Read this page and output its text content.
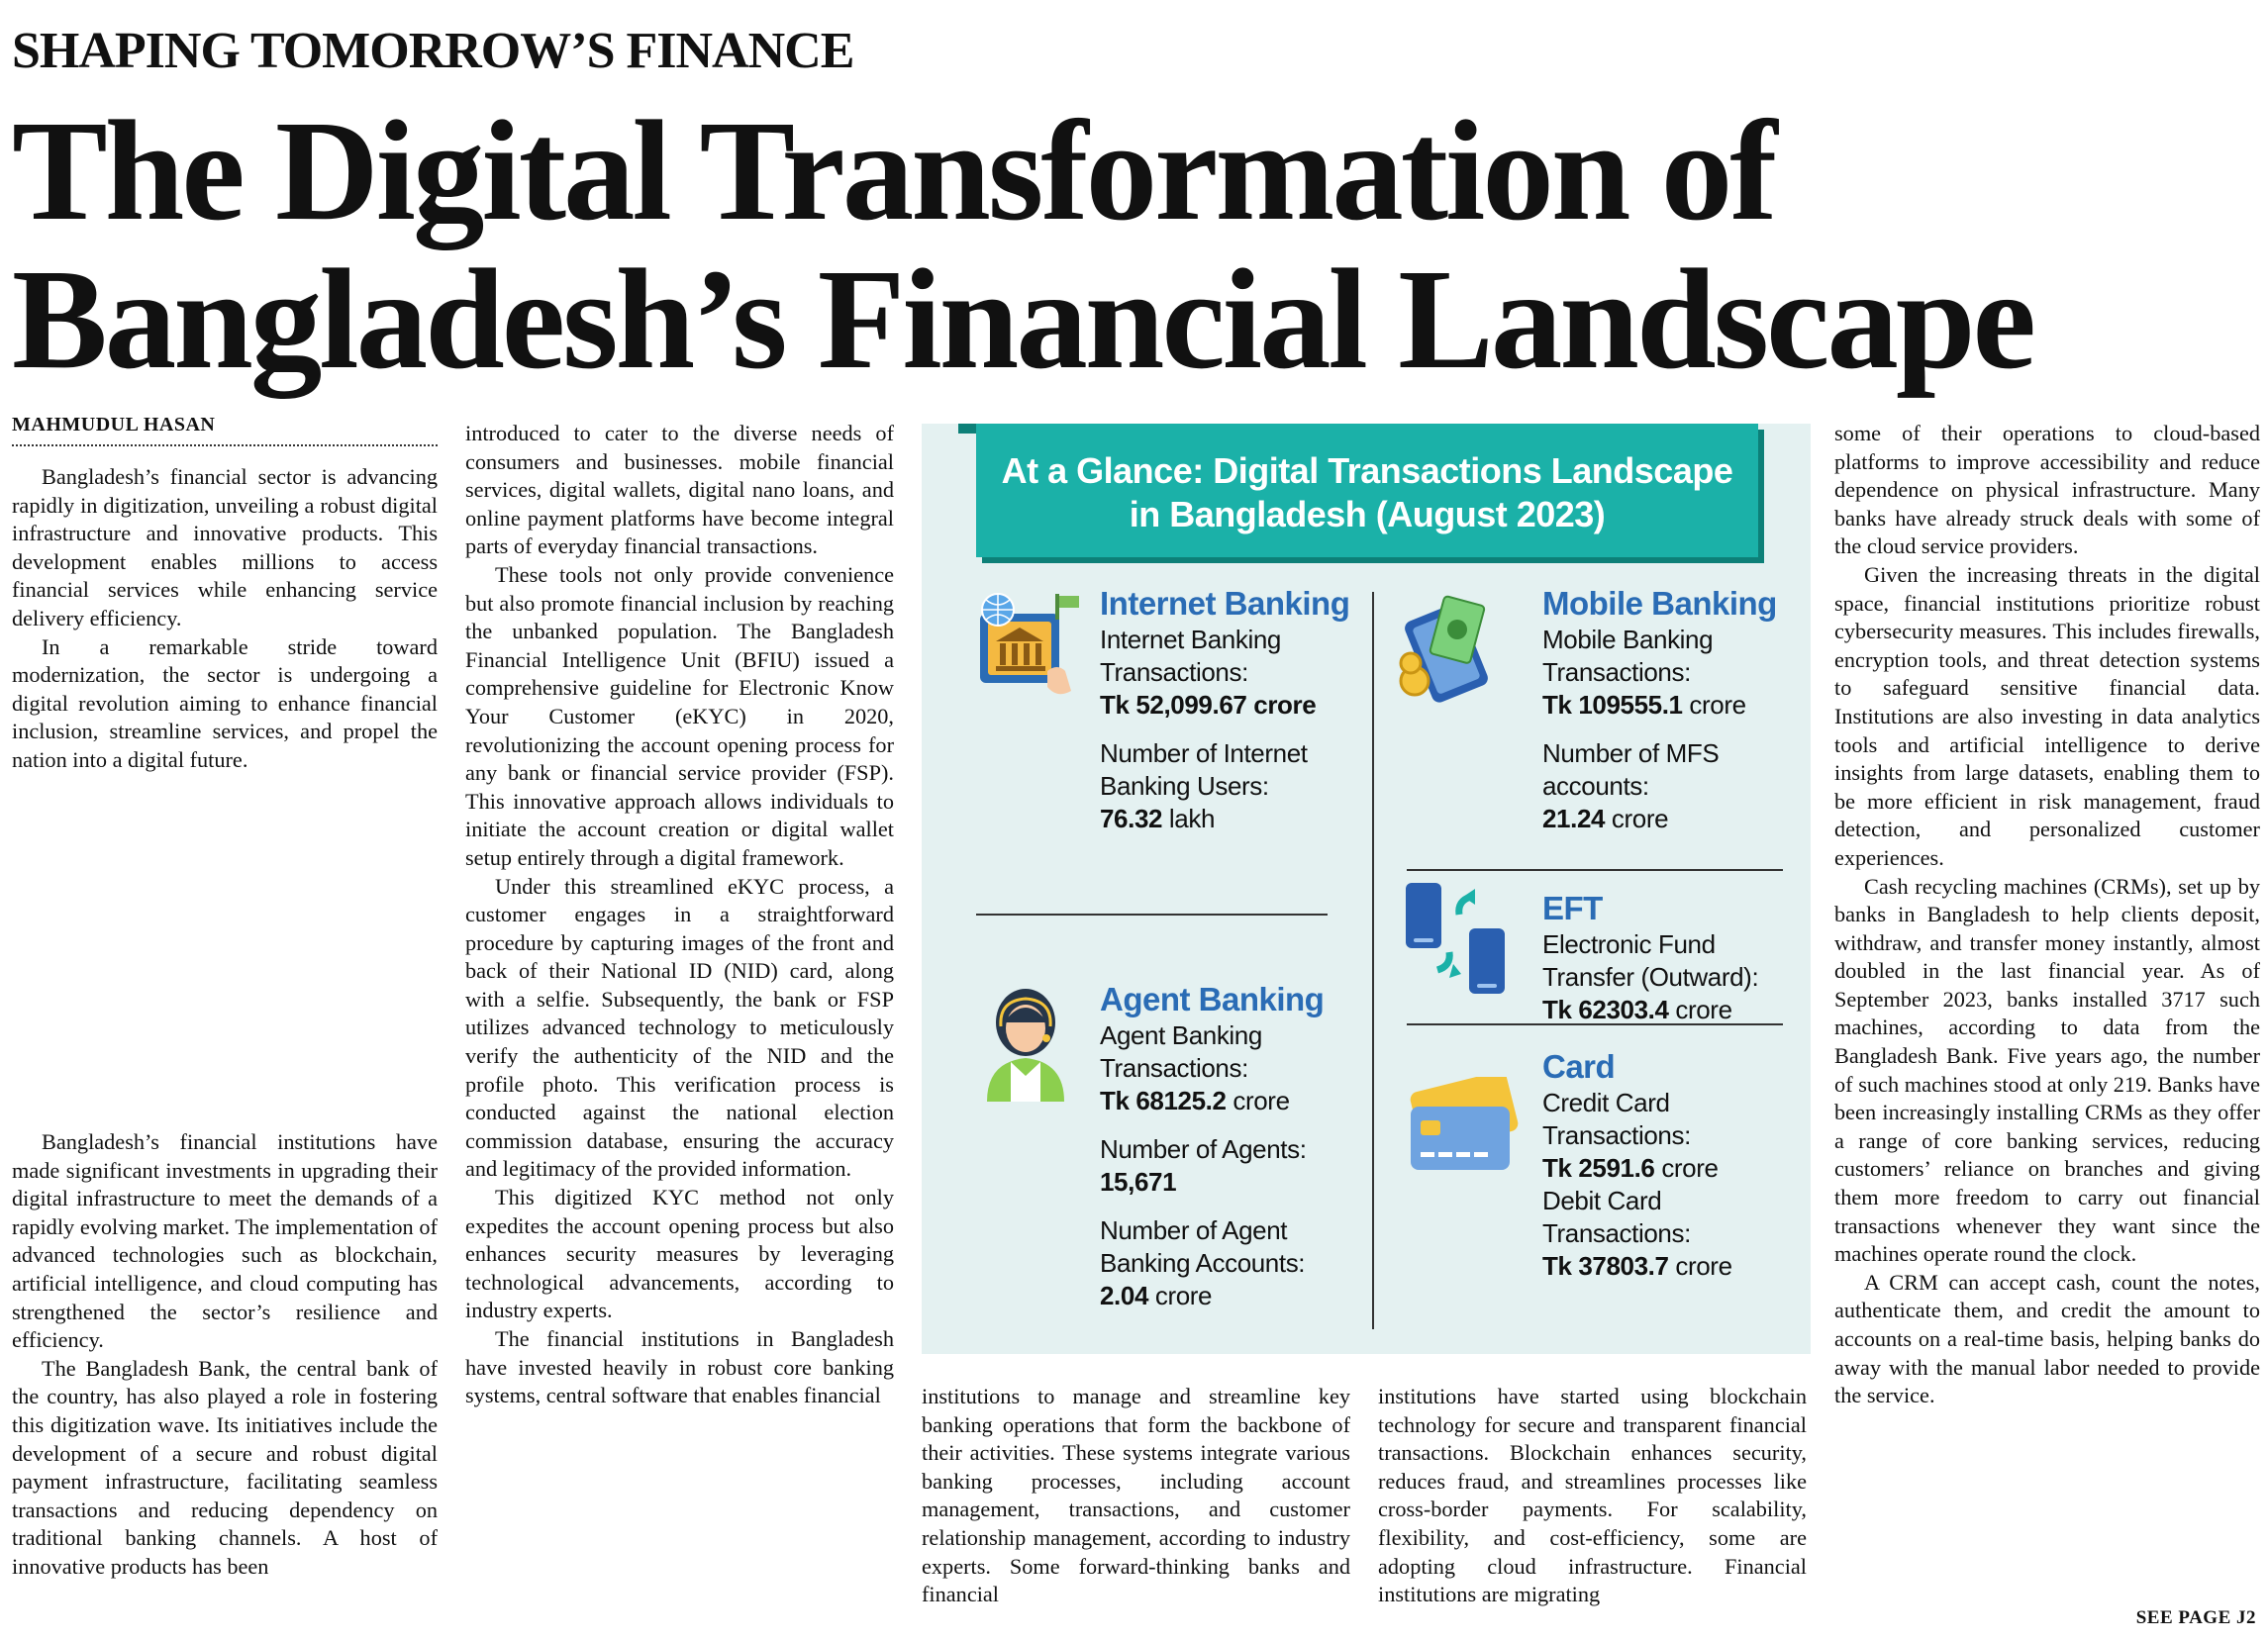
SHAPING TOMORROW’S FINANCE
The Digital Transformation of
Bangladesh’s Financial Landscape
MAHMUDUL HASAN

Bangladesh’s financial sector is advancing rapidly in digitization, unveiling a robust digital infrastructure and innovative products. This development enables millions to access financial services while enhancing service delivery efficiency.

In a remarkable stride toward modernization, the sector is undergoing a digital revolution aiming to enhance financial inclusion, streamline services, and propel the nation into a digital future.

Bangladesh’s financial institutions have made significant investments in upgrading their digital infrastructure to meet the demands of a rapidly evolving market. The implementation of advanced technologies such as blockchain, artificial intelligence, and cloud computing has strengthened the sector’s resilience and efficiency.

The Bangladesh Bank, the central bank of the country, has also played a role in fostering this digitization wave. Its initiatives include the development of a secure and robust digital payment infrastructure, facilitating seamless transactions and reducing dependency on traditional banking channels. A host of innovative products has been

introduced to cater to the diverse needs of consumers and businesses. mobile financial services, digital wallets, digital nano loans, and online payment platforms have become integral parts of everyday financial transactions.

These tools not only provide convenience but also promote financial inclusion by reaching the unbanked population. The Bangladesh Financial Intelligence Unit (BFIU) issued a comprehensive guideline for Electronic Know Your Customer (eKYC) in 2020, revolutionizing the account opening process for any bank or financial service provider (FSP). This innovative approach allows individuals to initiate the account creation or digital wallet setup entirely through a digital framework.

Under this streamlined eKYC process, a customer engages in a straightforward procedure by capturing images of the front and back of their National ID (NID) card, along with a selfie. Subsequently, the bank or FSP utilizes advanced technology to meticulously verify the authenticity of the NID and the profile photo. This verification process is conducted against the national election commission database, ensuring the accuracy and legitimacy of the provided information.

This digitized KYC method not only expedites the account opening process but also enhances security measures by leveraging technological advancements, according to industry experts.

The financial institutions in Bangladesh have invested heavily in robust core banking systems, central software that enables financial	institutions to manage and streamline key banking operations that form the backbone of their activities. These systems integrate various banking processes, including account management, transactions, and customer relationship management, according to industry experts. Some forward-thinking banks and financial

institutions have started using blockchain technology for secure and transparent financial transactions. Blockchain enhances security, reduces fraud, and streamlines processes like cross-border payments. For scalability, flexibility, and cost-efficiency, some are adopting cloud infrastructure. Financial institutions are migrating

some of their operations to cloud-based platforms to improve accessibility and reduce dependence on physical infrastructure. Many banks have already struck deals with some of the cloud service providers.

Given the increasing threats in the digital space, financial institutions prioritize robust cybersecurity measures. This includes firewalls, encryption tools, and threat detection systems to safeguard sensitive financial data. Institutions are also investing in data analytics tools and artificial intelligence to derive insights from large datasets, enabling them to be more efficient in risk management, fraud detection, and personalized customer experiences.

Cash recycling machines (CRMs), set up by banks in Bangladesh to help clients deposit, withdraw, and transfer money instantly, almost doubled in the last financial year. As of September 2023, banks installed 3717 such machines, according to data from the Bangladesh Bank. Five years ago, the number of such machines stood at only 219. Banks have been increasingly installing CRMs as they offer a range of core banking services, reducing customers’ reliance on branches and giving them more freedom to carry out financial transactions whenever they want since the machines operate round the clock.

A CRM can accept cash, count the notes, authenticate them, and credit the amount to accounts on a real-time basis, helping banks do away with the manual labor needed to provide the service.

SEE PAGE J2
At a Glance: Digital Transactions Landscape
in Bangladesh (August 2023)
Internet Banking
Internet Banking
Transactions:
Tk 52,099.67 crore
Number of Internet
Banking Users:
76.32 lakh
Mobile Banking
Mobile Banking
Transactions:
Tk 109555.1 crore
Number of MFS
accounts:
21.24 crore
EFT
Electronic Fund
Transfer (Outward):
Tk 62303.4 crore
Agent Banking
Agent Banking
Transactions:
Tk 68125.2 crore
Number of Agents:
15,671
Number of Agent
Banking Accounts:
2.04 crore
Card
Credit Card
Transactions:
Tk 2591.6 crore
Debit Card
Transactions:
Tk 37803.7 crore
